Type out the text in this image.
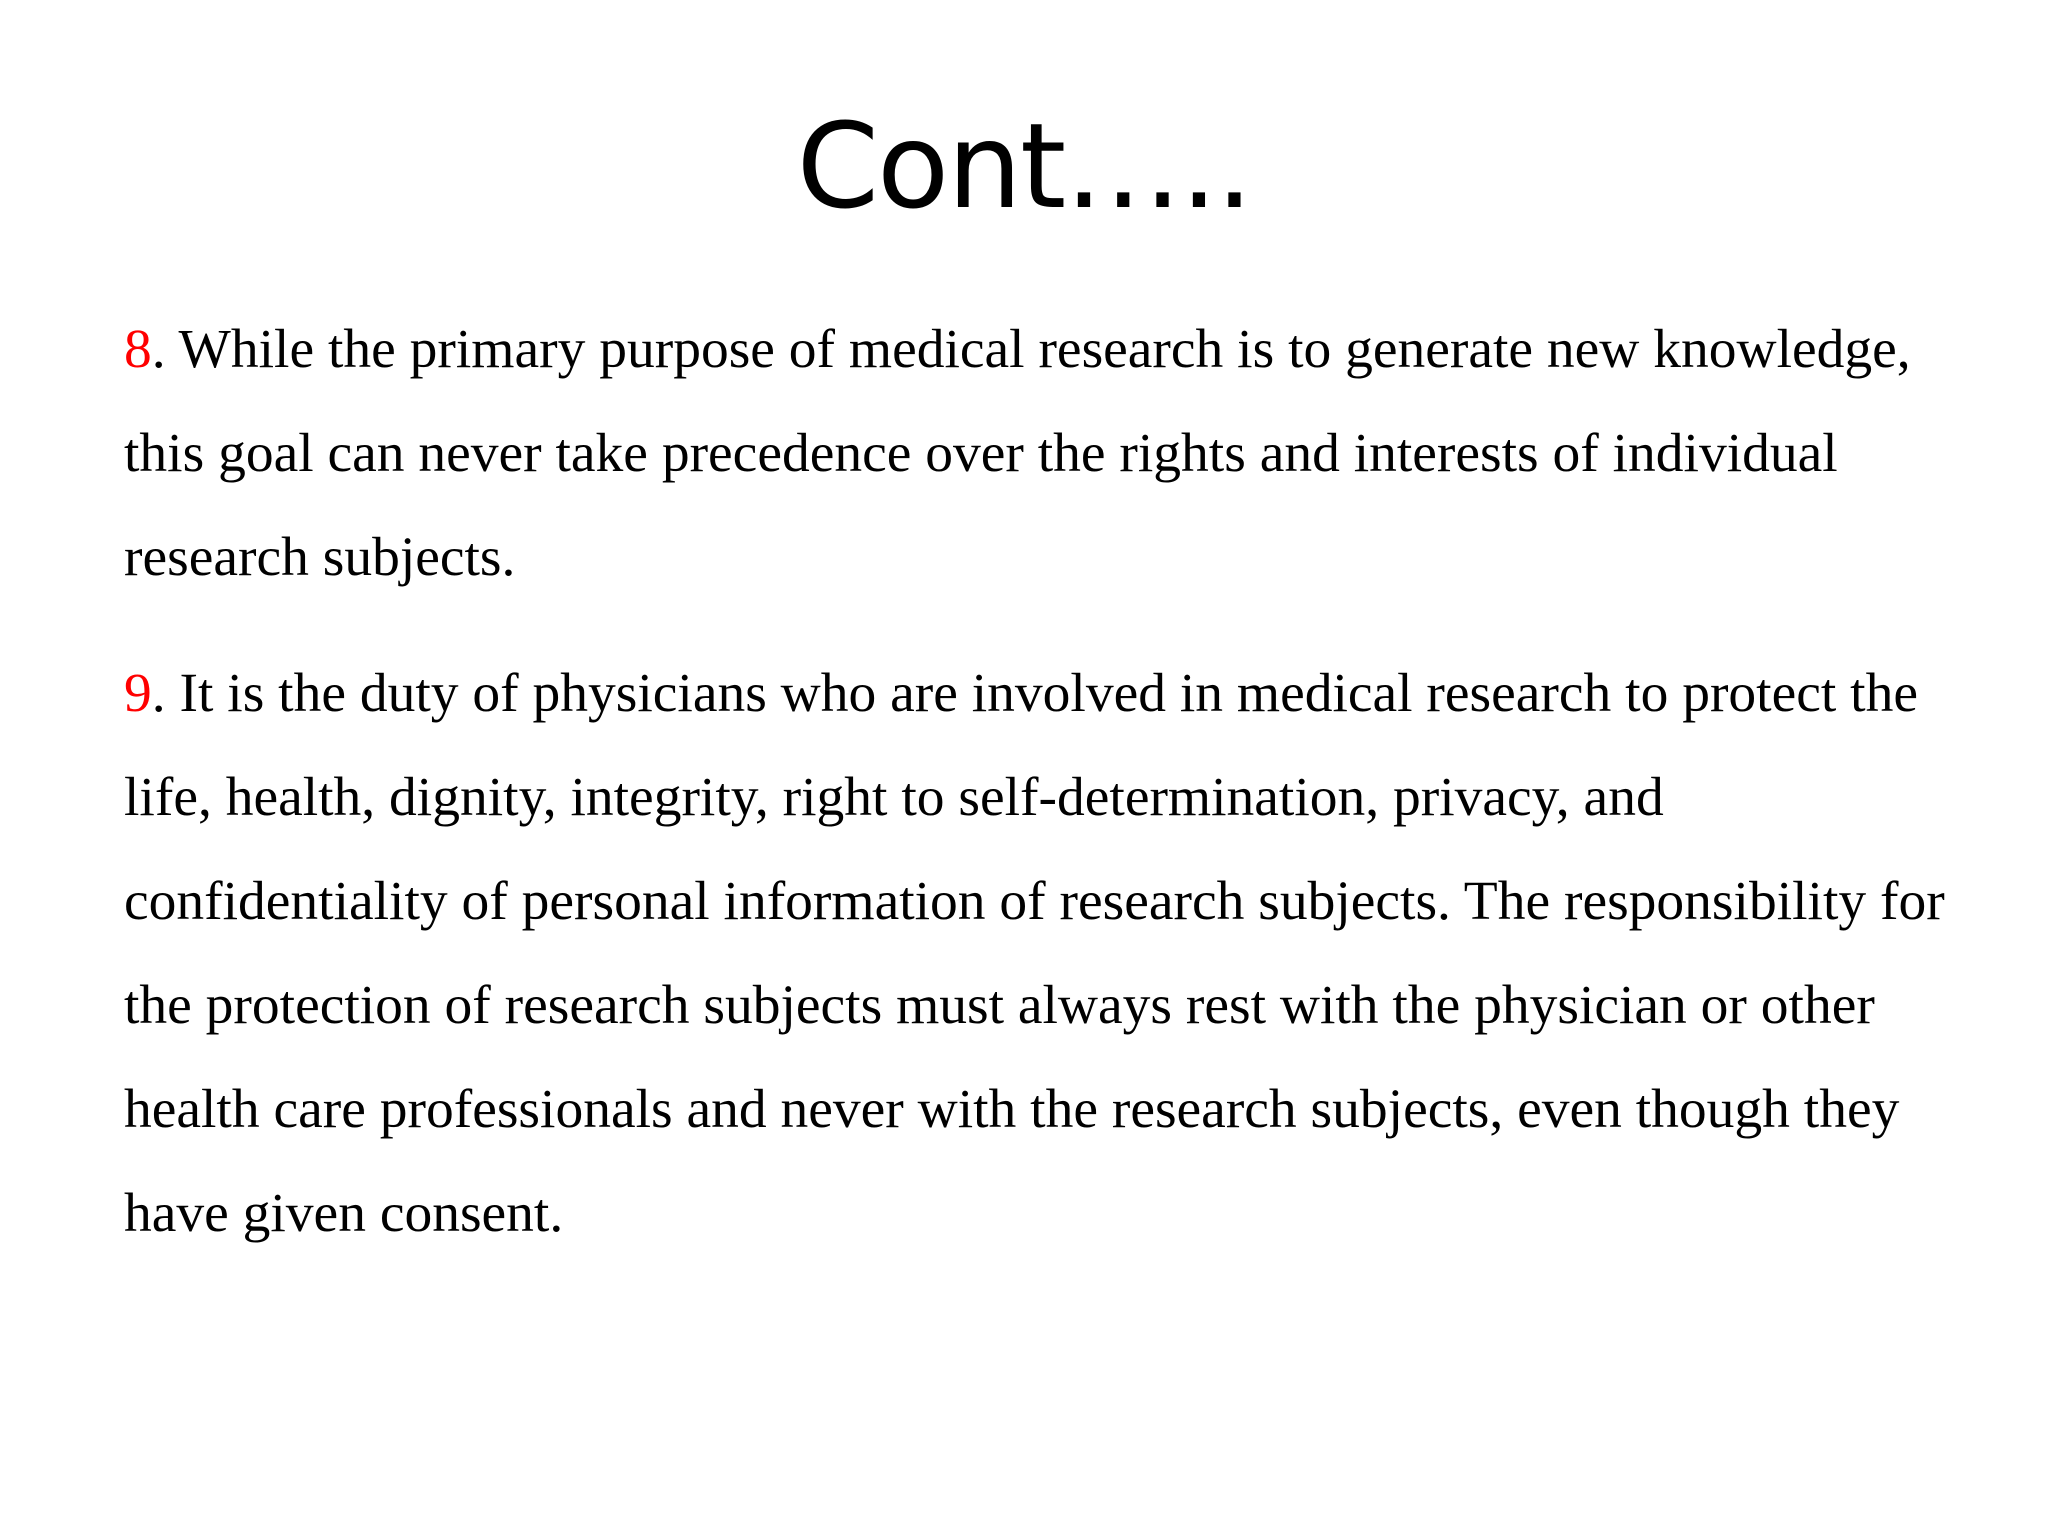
Cont…..

8. While the primary purpose of medical research is to generate new knowledge, this goal can never take precedence over the rights and interests of individual research subjects.

9. It is the duty of physicians who are involved in medical research to protect the life, health, dignity, integrity, right to self-determination, privacy, and confidentiality of personal information of research subjects. The responsibility for the protection of research subjects must always rest with the physician or other health care professionals and never with the research subjects, even though they have given consent.
